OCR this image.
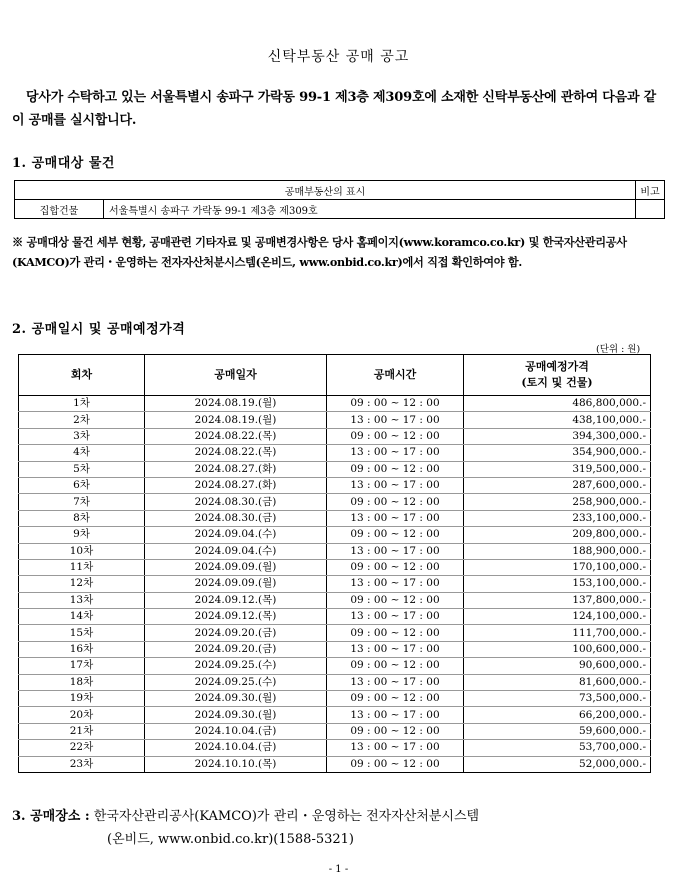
신탁부동산 공매 공고
당사가 수탁하고 있는 서울특별시 송파구 가락동 99-1 제3층 제309호에 소재한 신탁부동산에 관하여 다음과 같이 공매를 실시합니다.
1. 공매대상 물건
공매부동산의 표시		비고
집합건물	서울특별시 송파구 가락동 99-1 제3층 제309호	
※ 공매대상 물건 세부 현황, 공매관련 기타자료 및 공매변경사항은 당사 홈페이지(www.koramco.co.kr) 및 한국자산관리공사(KAMCO)가 관리・운영하는 전자자산처분시스템(온비드, www.onbid.co.kr)에서 직접 확인하여야 함.
2. 공매일시 및 공매예정가격
(단위 : 원)
회차	공매일자	공매시간	공매예정가격
(토지 및 건물)

1차	2024.08.19.(월)	09 : 00 ~ 12 : 00	486,800,000.-
2차	2024.08.19.(월)	13 : 00 ~ 17 : 00	438,100,000.-
3차	2024.08.22.(목)	09 : 00 ~ 12 : 00	394,300,000.-
4차	2024.08.22.(목)	13 : 00 ~ 17 : 00	354,900,000.-
5차	2024.08.27.(화)	09 : 00 ~ 12 : 00	319,500,000.-
6차	2024.08.27.(화)	13 : 00 ~ 17 : 00	287,600,000.-
7차	2024.08.30.(금)	09 : 00 ~ 12 : 00	258,900,000.-
8차	2024.08.30.(금)	13 : 00 ~ 17 : 00	233,100,000.-
9차	2024.09.04.(수)	09 : 00 ~ 12 : 00	209,800,000.-
10차	2024.09.04.(수)	13 : 00 ~ 17 : 00	188,900,000.-
11차	2024.09.09.(월)	09 : 00 ~ 12 : 00	170,100,000.-
12차	2024.09.09.(월)	13 : 00 ~ 17 : 00	153,100,000.-
13차	2024.09.12.(목)	09 : 00 ~ 12 : 00	137,800,000.-
14차	2024.09.12.(목)	13 : 00 ~ 17 : 00	124,100,000.-
15차	2024.09.20.(금)	09 : 00 ~ 12 : 00	111,700,000.-
16차	2024.09.20.(금)	13 : 00 ~ 17 : 00	100,600,000.-
17차	2024.09.25.(수)	09 : 00 ~ 12 : 00	90,600,000.-
18차	2024.09.25.(수)	13 : 00 ~ 17 : 00	81,600,000.-
19차	2024.09.30.(월)	09 : 00 ~ 12 : 00	73,500,000.-
20차	2024.09.30.(월)	13 : 00 ~ 17 : 00	66,200,000.-
21차	2024.10.04.(금)	09 : 00 ~ 12 : 00	59,600,000.-
22차	2024.10.04.(금)	13 : 00 ~ 17 : 00	53,700,000.-
23차	2024.10.10.(목)	09 : 00 ~ 12 : 00	52,000,000.-
3. 공매장소 : 한국자산관리공사(KAMCO)가 관리・운영하는 전자자산처분시스템
(온비드, www.onbid.co.kr)(1588-5321)
- 1 -
